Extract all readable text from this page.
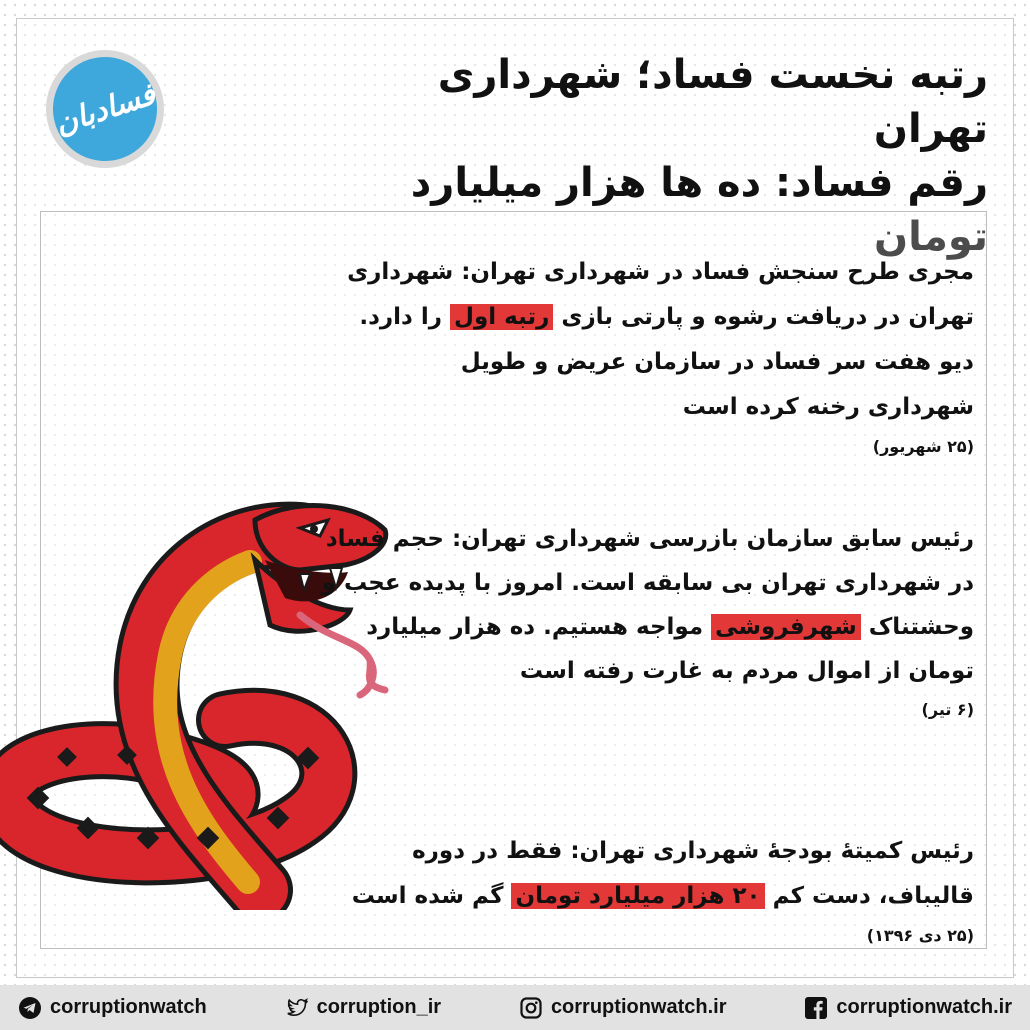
فسادبان
رتبه نخست فساد؛ شهرداری تهران
رقم فساد: ده ها هزار میلیارد تومان
مجری طرح سنجش فساد در شهرداری تهران: شهرداری
تهران در دریافت رشوه و پارتی بازی رتبه اول را دارد.
دیو هفت سر فساد در سازمان عریض و طویل
شهرداری رخنه کرده است
(۲۵ شهریور)
رئیس سابق سازمان بازرسی شهرداری تهران: حجم فساد
در شهرداری تهران بی سابقه است. امروز با پدیده عجب و
وحشتناک شهرفروشی مواجه هستیم. ده هزار میلیارد
تومان از اموال مردم به غارت رفته است
(۶ تیر)
رئیس کمیتۀ بودجۀ شهرداری تهران: فقط در دوره
قالیباف، دست کم ۲۰ هزار میلیارد تومان گم شده است
(۲۵ دی ۱۳۹۶)
corruptionwatch	corruption_ir	corruptionwatch.ir	corruptionwatch.ir
